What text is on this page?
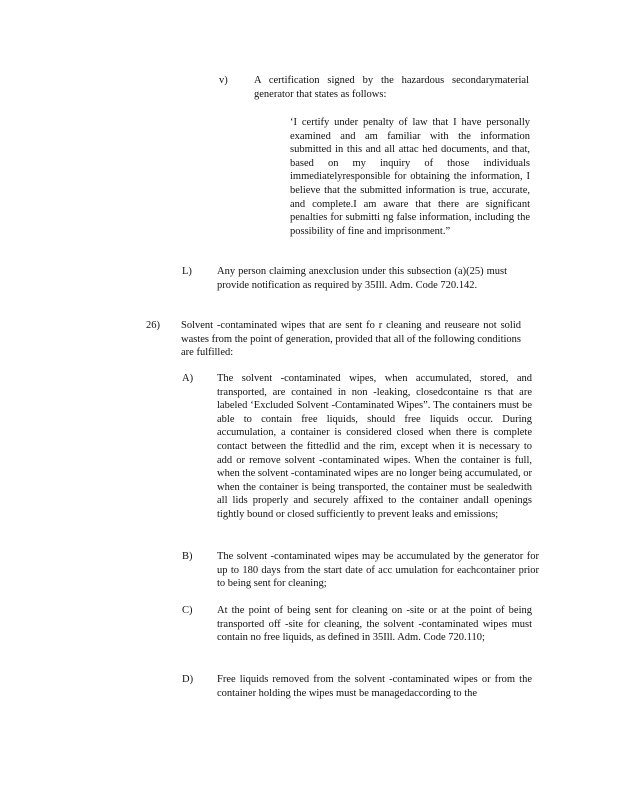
v)	A certification signed by the hazardous secondarymaterial generator that states as follows:
‘I certify under penalty of law that I have personally examined and am familiar with the information submitted in this and all attac hed documents, and that, based on my inquiry of those individuals immediatelyresponsible for obtaining the information, I believe that the submitted information is true, accurate, and complete.I am aware that there are significant penalties for submitti ng false information, including the possibility of fine and imprisonment.”
L) Any person claiming anexclusion under this subsection (a)(25) must provide notification as required by 35Ill. Adm. Code 720.142.
26) Solvent -contaminated wipes that are sent fo r cleaning and reuseare not solid wastes from the point of generation, provided that all of the following conditions are fulfilled:
A) The solvent -contaminated wipes, when accumulated, stored, and transported, are contained in non -leaking, closedcontaine rs that are labeled ‘Excluded Solvent -Contaminated Wipes”. The containers must be able to contain free liquids, should free liquids occur. During accumulation, a container is considered closed when there is complete contact between the fittedlid and the rim, except when it is necessary to add or remove solvent -contaminated wipes. When the container is full, when the solvent -contaminated wipes are no longer being accumulated, or when the container is being transported, the container must be sealedwith all lids properly and securely affixed to the container andall openings tightly bound or closed sufficiently to prevent leaks and emissions;
B) The solvent -contaminated wipes may be accumulated by the generator for up to 180 days from the start date of acc umulation for eachcontainer prior to being sent for cleaning;
C) At the point of being sent for cleaning on -site or at the point of being transported off -site for cleaning, the solvent -contaminated wipes must contain no free liquids, as defined in 35Ill. Adm. Code 720.110;
D) Free liquids removed from the solvent -contaminated wipes or from the container holding the wipes must be managedaccording to the
